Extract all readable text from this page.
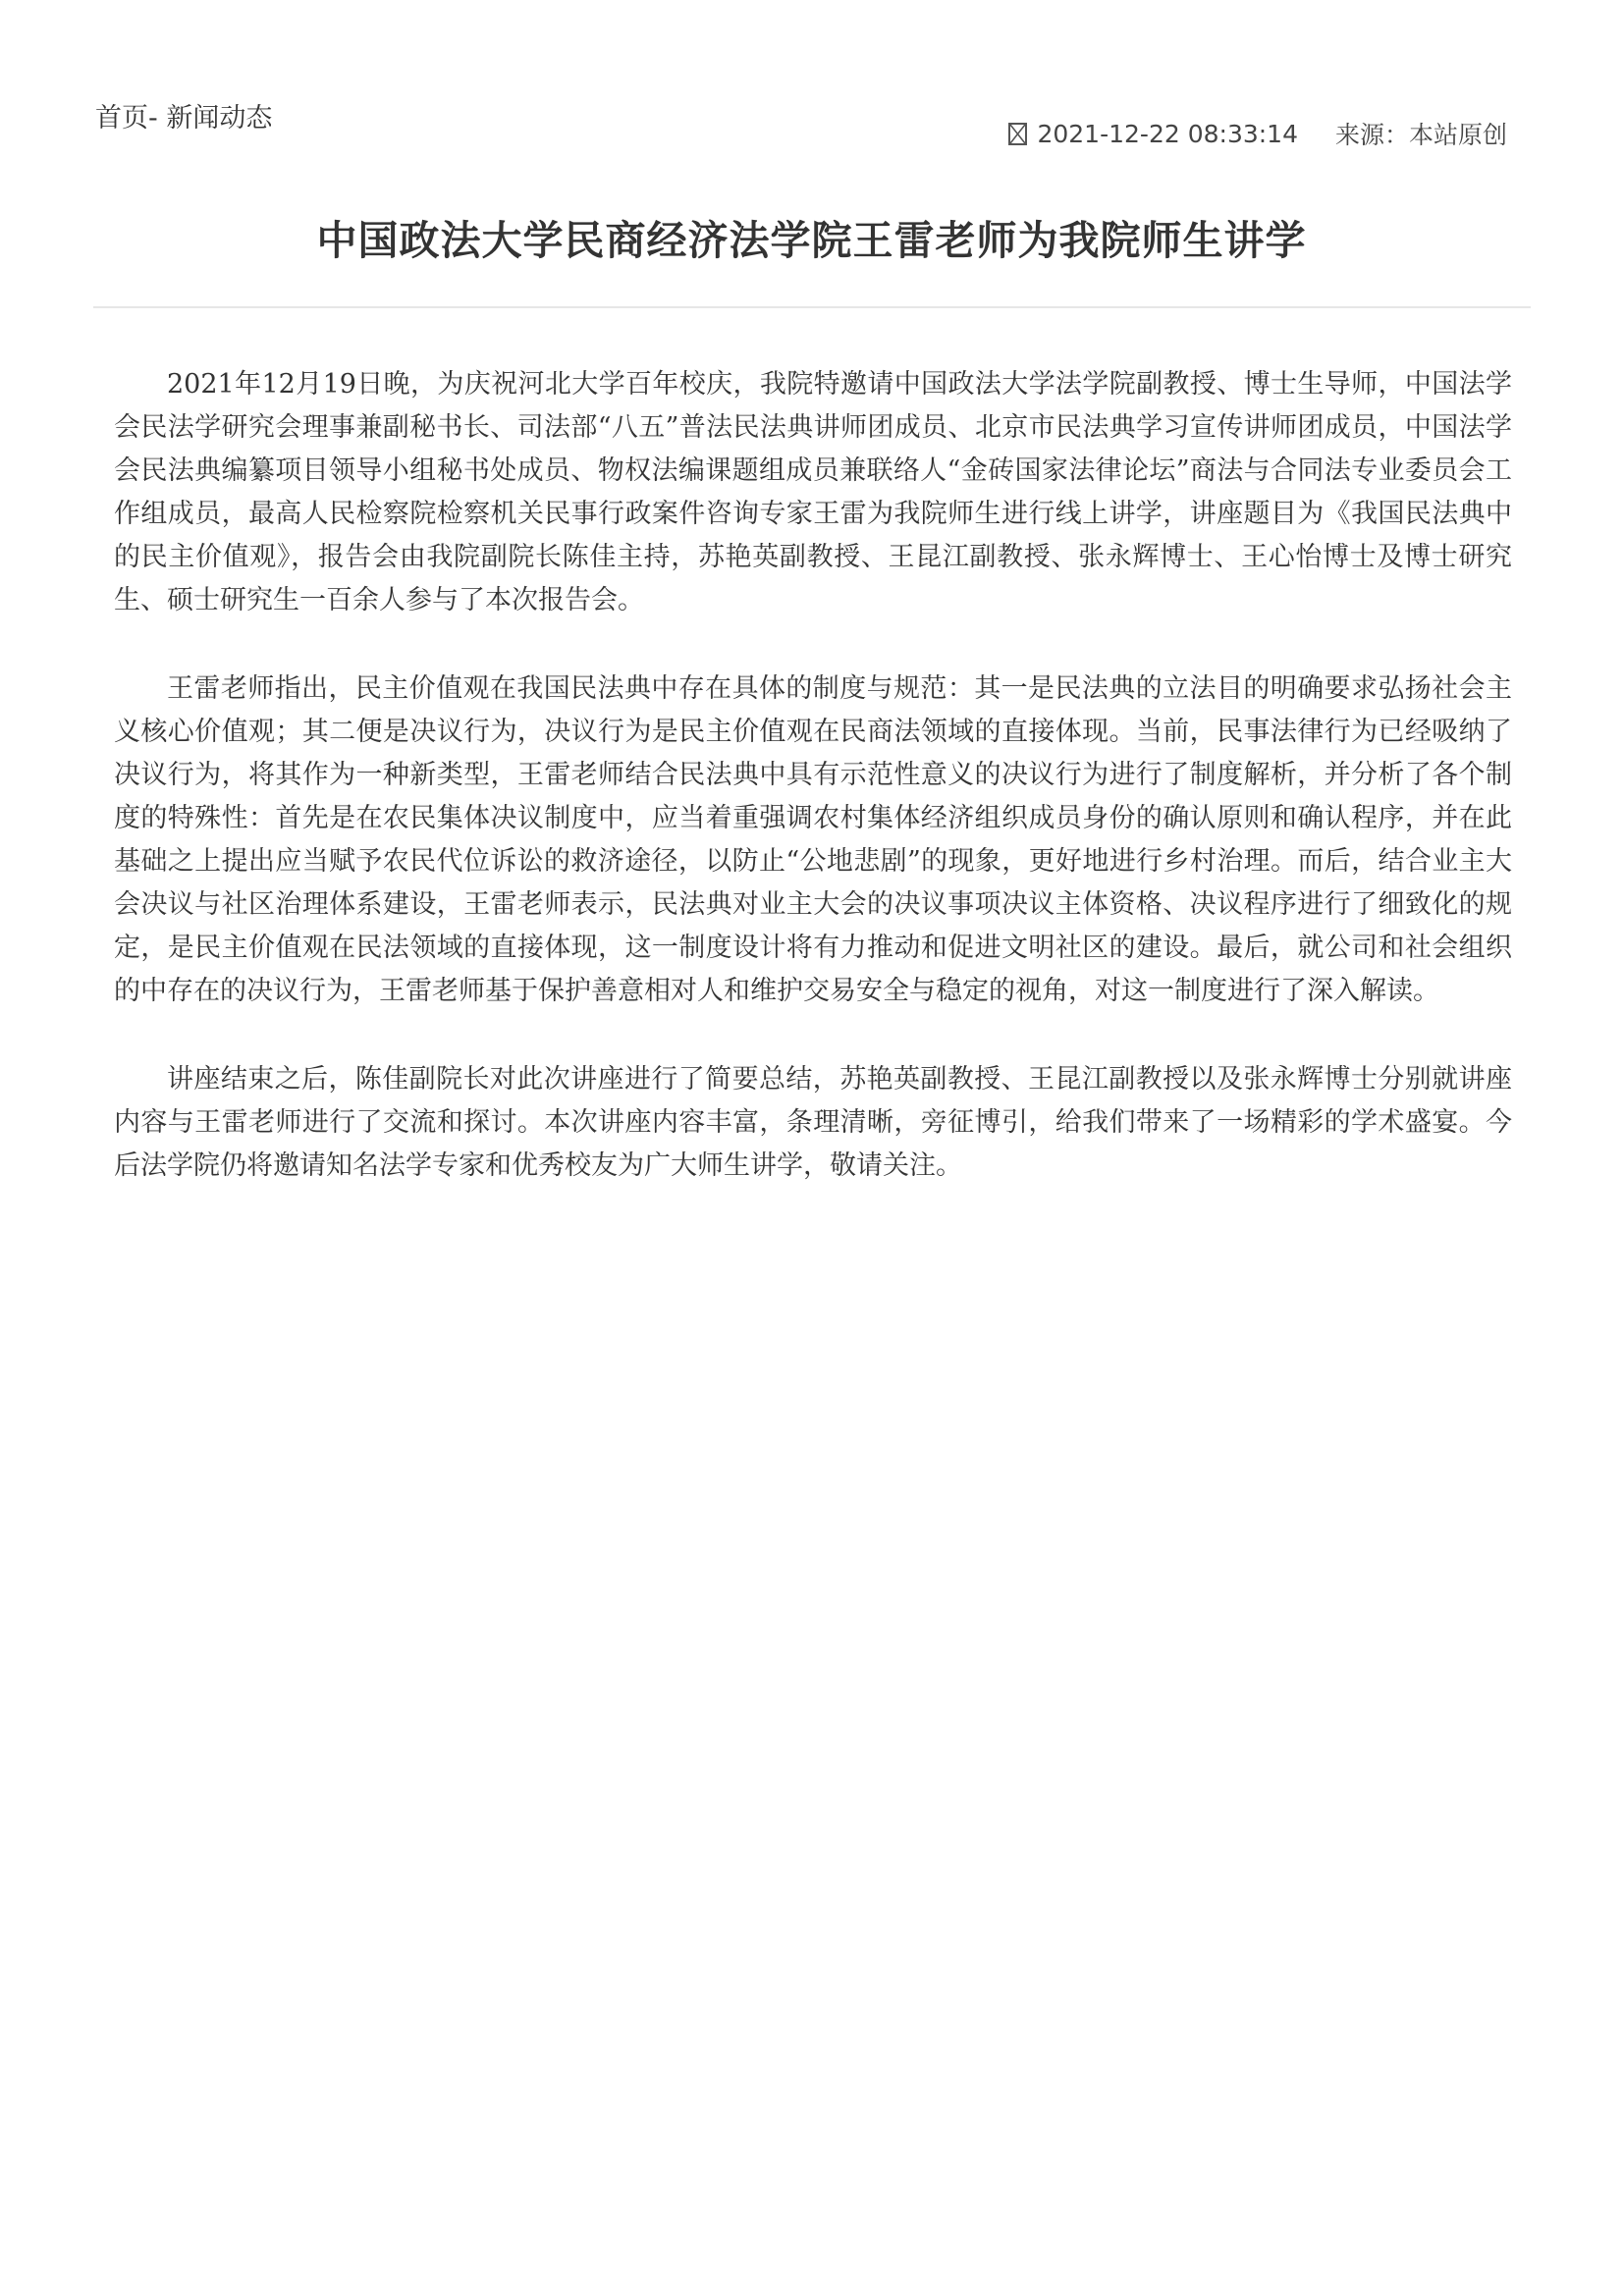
首页- 新闻动态	2021-12-22 08:33:14 来源：本站原创
中国政法大学民商经济法学院王雷老师为我院师生讲学

2021年12月19日晚，为庆祝河北大学百年校庆，我院特邀请中国政法大学法学院副教授、博士生导师，中国法学会民法学研究会理事兼副秘书长、司法部“八五”普法民法典讲师团成员、北京市民法典学习宣传讲师团成员，中国法学会民法典编纂项目领导小组秘书处成员、物权法编课题组成员兼联络人“金砖国家法律论坛”商法与合同法专业委员会工作组成员，最高人民检察院检察机关民事行政案件咨询专家王雷为我院师生进行线上讲学，讲座题目为《我国民法典中的民主价值观》，报告会由我院副院长陈佳主持，苏艳英副教授、王昆江副教授、张永辉博士、王心怡博士及博士研究生、硕士研究生一百余人参与了本次报告会。

王雷老师指出，民主价值观在我国民法典中存在具体的制度与规范：其一是民法典的立法目的明确要求弘扬社会主义核心价值观；其二便是决议行为，决议行为是民主价值观在民商法领域的直接体现。当前，民事法律行为已经吸纳了决议行为，将其作为一种新类型，王雷老师结合民法典中具有示范性意义的决议行为进行了制度解析，并分析了各个制度的特殊性：首先是在农民集体决议制度中，应当着重强调农村集体经济组织成员身份的确认原则和确认程序，并在此基础之上提出应当赋予农民代位诉讼的救济途径，以防止“公地悲剧”的现象，更好地进行乡村治理。而后，结合业主大会决议与社区治理体系建设，王雷老师表示，民法典对业主大会的决议事项决议主体资格、决议程序进行了细致化的规定，是民主价值观在民法领域的直接体现，这一制度设计将有力推动和促进文明社区的建设。最后，就公司和社会组织的中存在的决议行为，王雷老师基于保护善意相对人和维护交易安全与稳定的视角，对这一制度进行了深入解读。

讲座结束之后，陈佳副院长对此次讲座进行了简要总结，苏艳英副教授、王昆江副教授以及张永辉博士分别就讲座内容与王雷老师进行了交流和探讨。本次讲座内容丰富，条理清晰，旁征博引，给我们带来了一场精彩的学术盛宴。今后法学院仍将邀请知名法学专家和优秀校友为广大师生讲学，敬请关注。
